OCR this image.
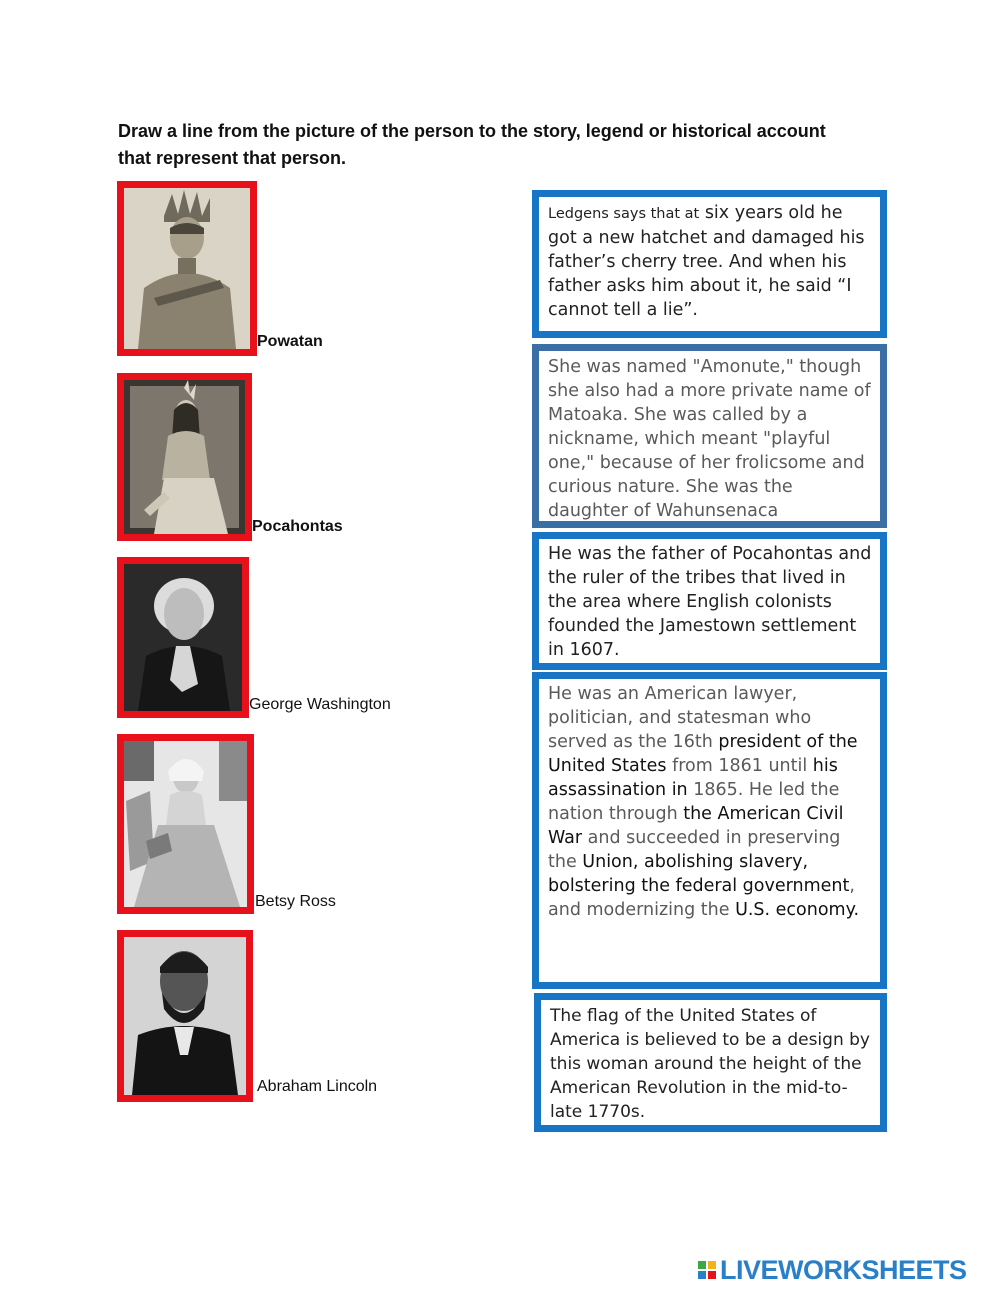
Draw a line from the picture of the person to the story, legend or historical account that represent that person.
Powatan
Pocahontas
George Washington
Betsy Ross
Abraham Lincoln
Ledgens says that at six years old he got a new hatchet and damaged his father’s cherry tree. And when his father asks him about it, he said “I cannot tell a lie”.
She was named "Amonute," though she also had a more private name of Matoaka. She was called by a nickname, which meant "playful one," because of her frolicsome and curious nature. She was the daughter of Wahunsenaca
He was the father of Pocahontas and the ruler of the tribes that lived in the area where English colonists founded the Jamestown settlement in 1607.
He was an American lawyer, politician, and statesman who served as the 16th president of the United States from 1861 until his assassination in 1865. He led the nation through the American Civil War and succeeded in preserving the Union, abolishing slavery, bolstering the federal government, and modernizing the U.S. economy.
The flag of the United States of America is believed to be a design by this woman around the height of the American Revolution in the mid-to-late 1770s.
LIVEWORKSHEETS
